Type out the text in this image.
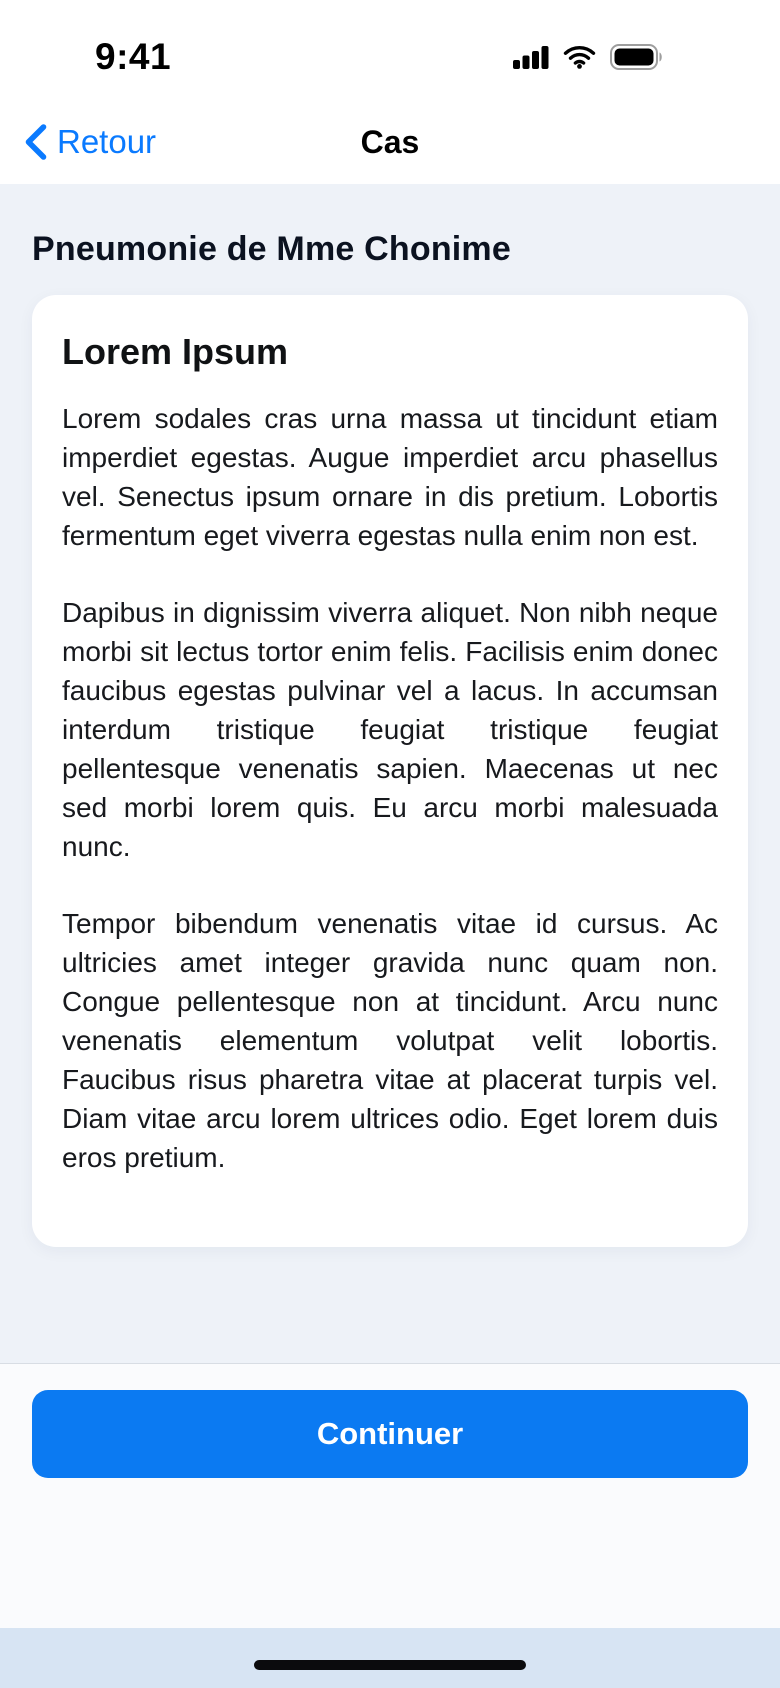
9:41
Retour	Cas
Pneumonie de Mme Chonime
Lorem Ipsum

Lorem sodales cras urna massa ut tincidunt etiam imperdiet egestas. Augue imperdiet arcu phasellus vel. Senectus ipsum ornare in dis pretium. Lobortis fermentum eget viverra egestas nulla enim non est.

Dapibus in dignissim viverra aliquet. Non nibh neque morbi sit lectus tortor enim felis. Facilisis enim donec faucibus egestas pulvinar vel a lacus. In accumsan interdum tristique feugiat tristique feugiat pellentesque venenatis sapien. Maecenas ut nec sed morbi lorem quis. Eu arcu morbi malesuada nunc.

Tempor bibendum venenatis vitae id cursus. Ac ultricies amet integer gravida nunc quam non. Congue pellentesque non at tincidunt. Arcu nunc venenatis elementum volutpat velit lobortis. Faucibus risus pharetra vitae at placerat turpis vel. Diam vitae arcu lorem ultrices odio. Eget lorem duis eros pretium.

Continuer
